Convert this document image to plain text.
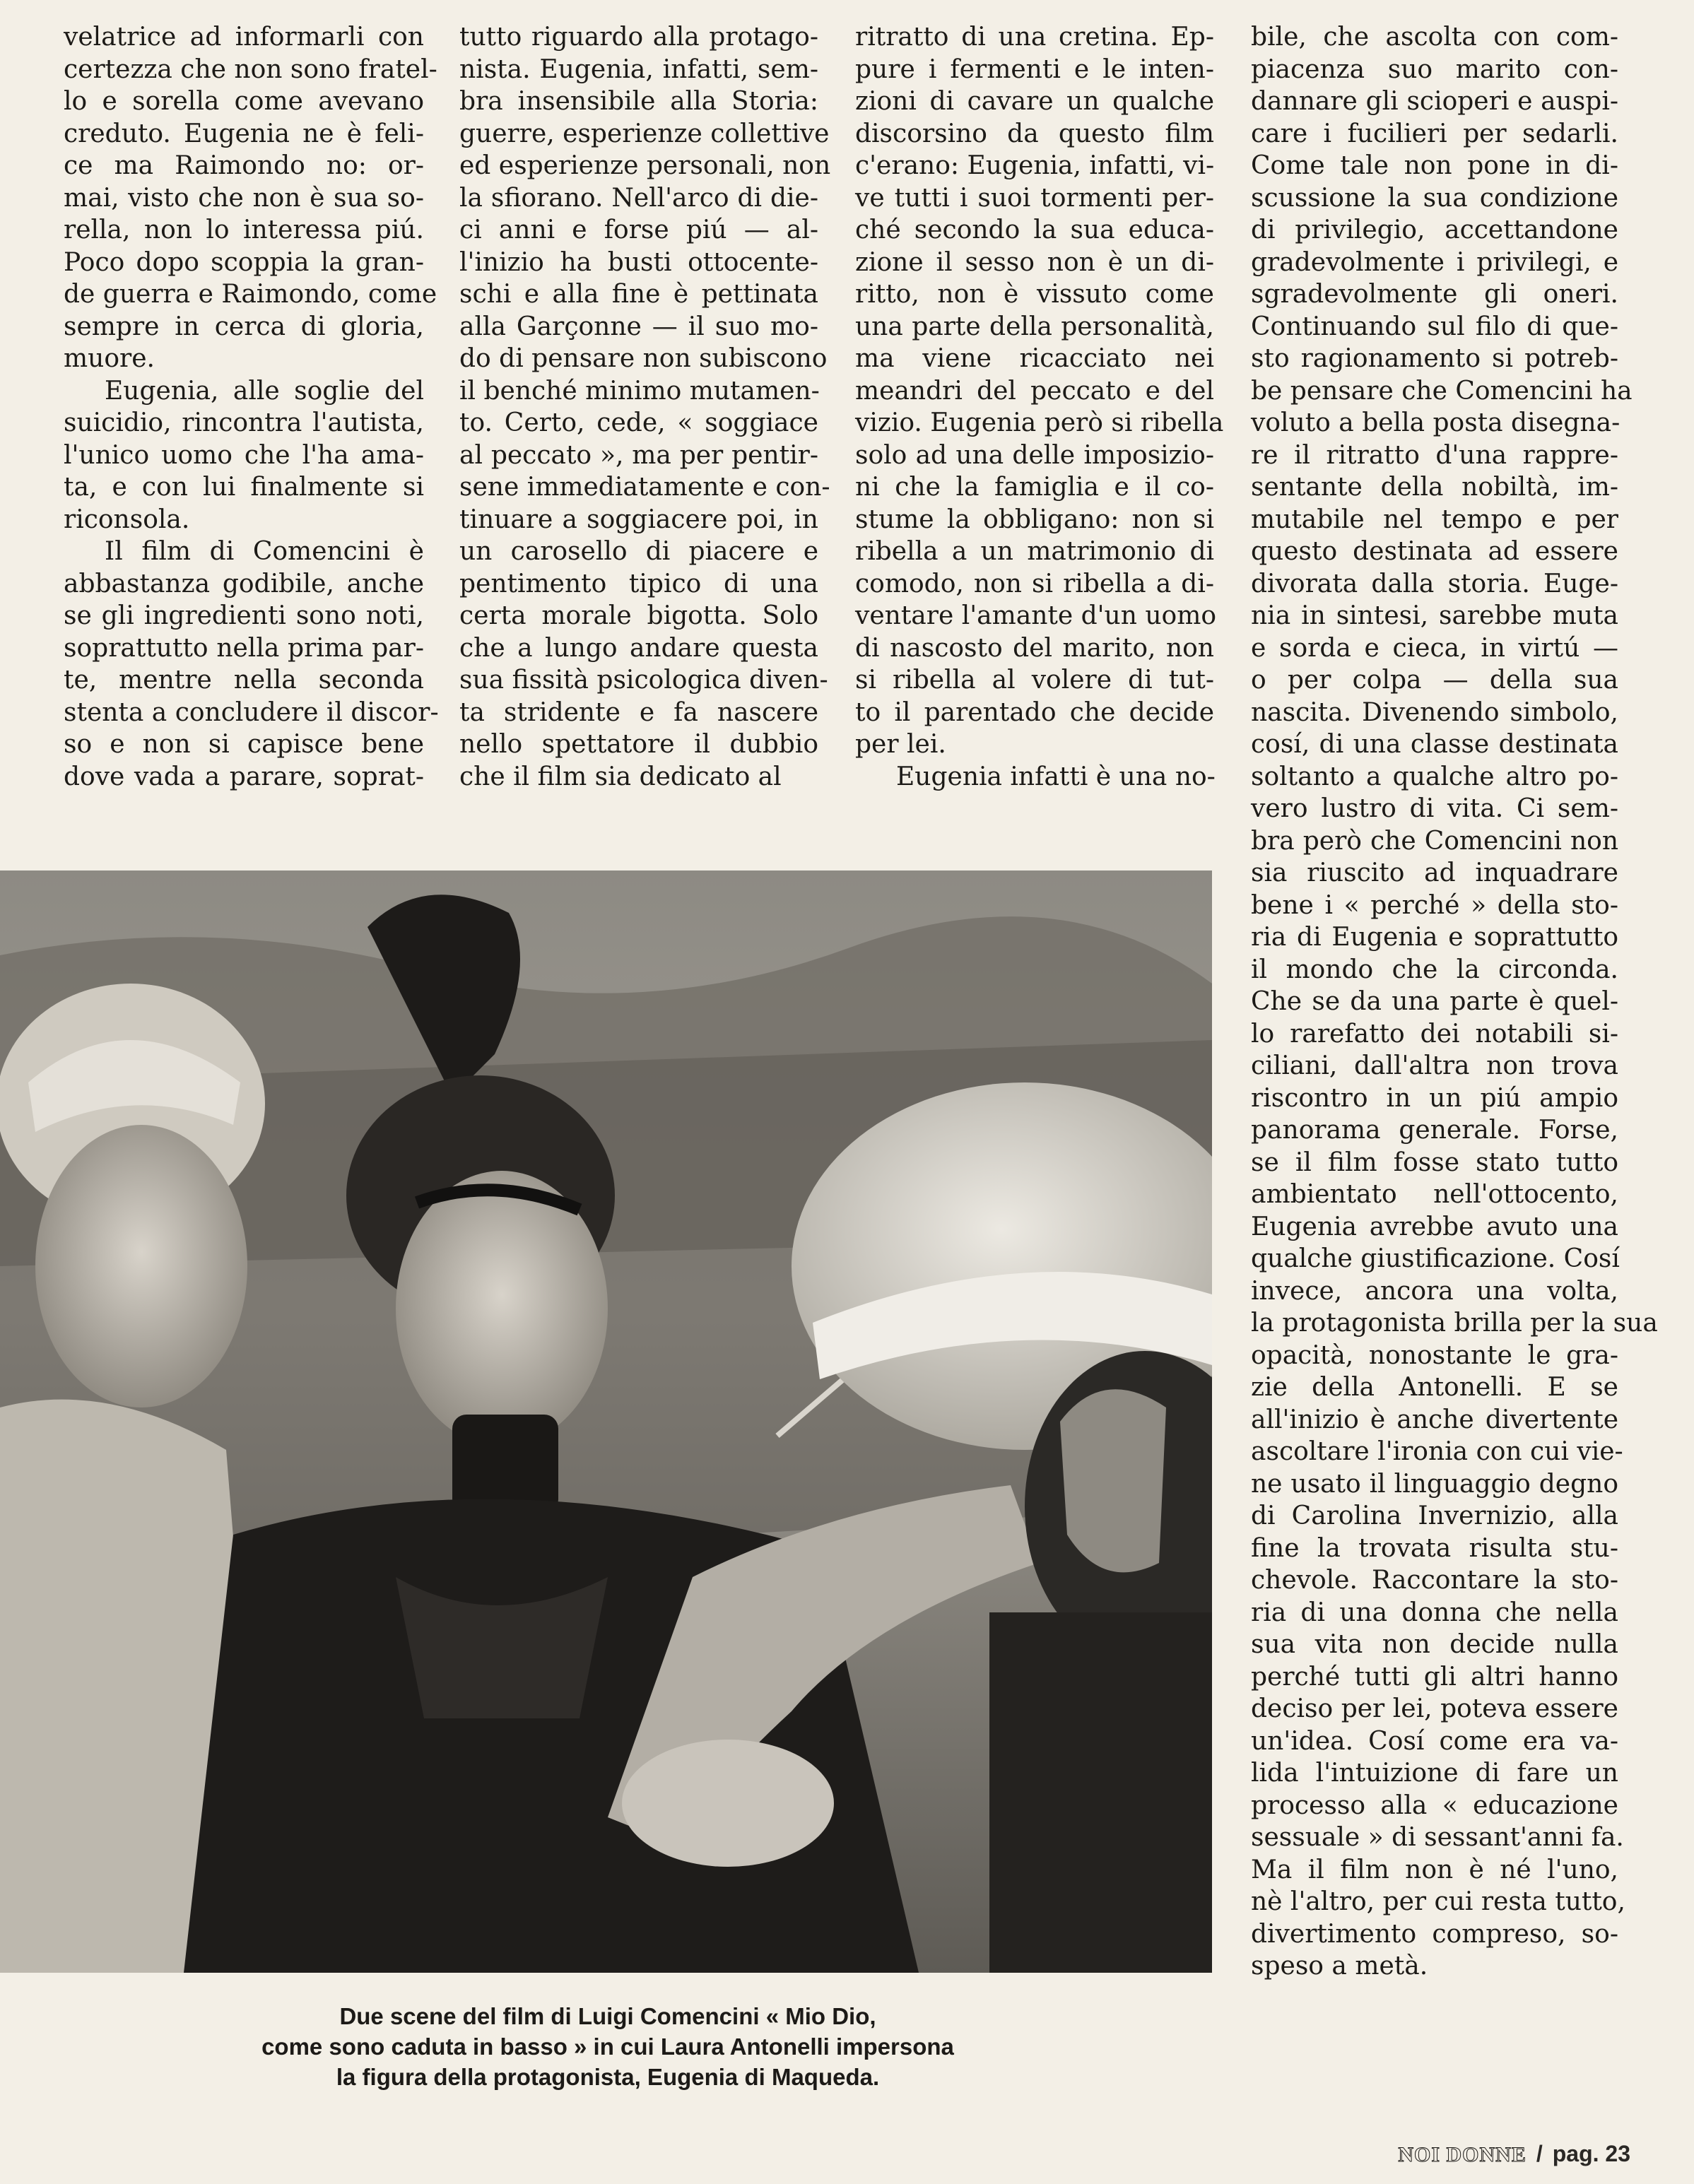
velatrice ad informarli con
certezza che non sono fratel-
lo e sorella come avevano
creduto. Eugenia ne è feli-
ce ma Raimondo no: or-
mai, visto che non è sua so-
rella, non lo interessa piú.
Poco dopo scoppia la gran-
de guerra e Raimondo, come
sempre in cerca di gloria,
muore.

Eugenia, alle soglie del
suicidio, rincontra l'autista,
l'unico uomo che l'ha ama-
ta, e con lui finalmente si
riconsola.

Il film di Comencini è
abbastanza godibile, anche
se gli ingredienti sono noti,
soprattutto nella prima par-
te, mentre nella seconda
stenta a concludere il discor-
so e non si capisce bene
dove vada a parare, soprat-

tutto riguardo alla protago-
nista. Eugenia, infatti, sem-
bra insensibile alla Storia:
guerre, esperienze collettive
ed esperienze personali, non
la sfiorano. Nell'arco di die-
ci anni e forse piú — al-
l'inizio ha busti ottocente-
schi e alla fine è pettinata
alla Garçonne — il suo mo-
do di pensare non subiscono
il benché minimo mutamen-
to. Certo, cede, « soggiace
al peccato », ma per pentir-
sene immediatamente e con-
tinuare a soggiacere poi, in
un carosello di piacere e
pentimento tipico di una
certa morale bigotta. Solo
che a lungo andare questa
sua fissità psicologica diven-
ta stridente e fa nascere
nello spettatore il dubbio
che il film sia dedicato al

ritratto di una cretina. Ep-
pure i fermenti e le inten-
zioni di cavare un qualche
discorsino da questo film
c'erano: Eugenia, infatti, vi-
ve tutti i suoi tormenti per-
ché secondo la sua educa-
zione il sesso non è un di-
ritto, non è vissuto come
una parte della personalità,
ma viene ricacciato nei
meandri del peccato e del
vizio. Eugenia però si ribella
solo ad una delle imposizio-
ni che la famiglia e il co-
stume la obbligano: non si
ribella a un matrimonio di
comodo, non si ribella a di-
ventare l'amante d'un uomo
di nascosto del marito, non
si ribella al volere di tut-
to il parentado che decide
per lei.

Eugenia infatti è una no-

bile, che ascolta con com-
piacenza suo marito con-
dannare gli scioperi e auspi-
care i fucilieri per sedarli.
Come tale non pone in di-
scussione la sua condizione
di privilegio, accettandone
gradevolmente i privilegi, e
sgradevolmente gli oneri.
Continuando sul filo di que-
sto ragionamento si potreb-
be pensare che Comencini ha
voluto a bella posta disegna-
re il ritratto d'una rappre-
sentante della nobiltà, im-
mutabile nel tempo e per
questo destinata ad essere
divorata dalla storia. Euge-
nia in sintesi, sarebbe muta
e sorda e cieca, in virtú —
o per colpa — della sua
nascita. Divenendo simbolo,
cosí, di una classe destinata
soltanto a qualche altro po-
vero lustro di vita. Ci sem-
bra però che Comencini non
sia riuscito ad inquadrare
bene i « perché » della sto-
ria di Eugenia e soprattutto
il mondo che la circonda.
Che se da una parte è quel-
lo rarefatto dei notabili si-
ciliani, dall'altra non trova
riscontro in un piú ampio
panorama generale. Forse,
se il film fosse stato tutto
ambientato nell'ottocento,
Eugenia avrebbe avuto una
qualche giustificazione. Cosí
invece, ancora una volta,
la protagonista brilla per la sua
opacità, nonostante le gra-
zie della Antonelli. E se
all'inizio è anche divertente
ascoltare l'ironia con cui vie-
ne usato il linguaggio degno
di Carolina Invernizio, alla
fine la trovata risulta stu-
chevole. Raccontare la sto-
ria di una donna che nella
sua vita non decide nulla
perché tutti gli altri hanno
deciso per lei, poteva essere
un'idea. Cosí come era va-
lida l'intuizione di fare un
processo alla « educazione
sessuale » di sessant'anni fa.
Ma il film non è né l'uno,
nè l'altro, per cui resta tutto,
divertimento compreso, so-
speso a metà.

Due scene del film di Luigi Comencini « Mio Dio,
come sono caduta in basso » in cui Laura Antonelli impersona
la figura della protagonista, Eugenia di Maqueda.
NOI DONNE / pag. 23
